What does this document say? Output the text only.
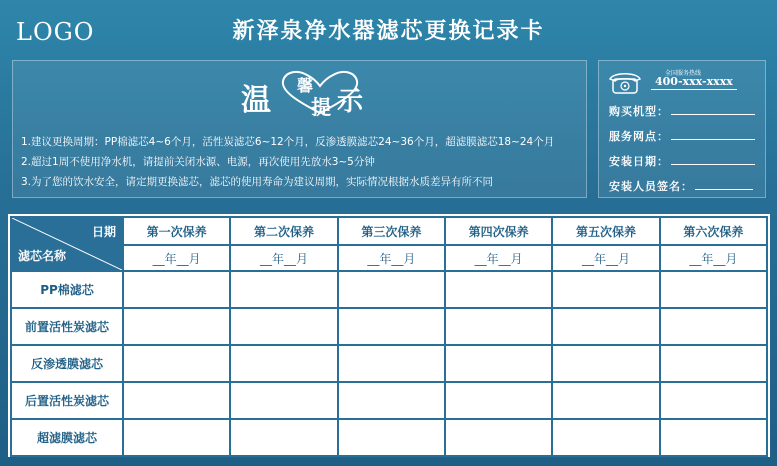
LOGO	新泽泉净水器滤芯更换记录卡
温 馨
提 示
1.建议更换周期：PP棉滤芯4~6个月，活性炭滤芯6~12个月，反渗透膜滤芯24~36个月，超滤膜滤芯18~24个月
2.超过1周不使用净水机，请提前关闭水源、电源，再次使用先放水3~5分钟
3.为了您的饮水安全，请定期更换滤芯，滤芯的使用寿命为建议周期，实际情况根据水质差异有所不同
全国服务热线
400-xxx-xxxx
购买机型：
服务网点：
安装日期：
安装人员签名：
日期
滤芯名称	第一次保养	第二次保养	第三次保养	第四次保养	第五次保养	第六次保养
	__年__月	__年__月	__年__月	__年__月	__年__月	__年__月
PP棉滤芯						
前置活性炭滤芯						
反渗透膜滤芯						
后置活性炭滤芯						
超滤膜滤芯						
